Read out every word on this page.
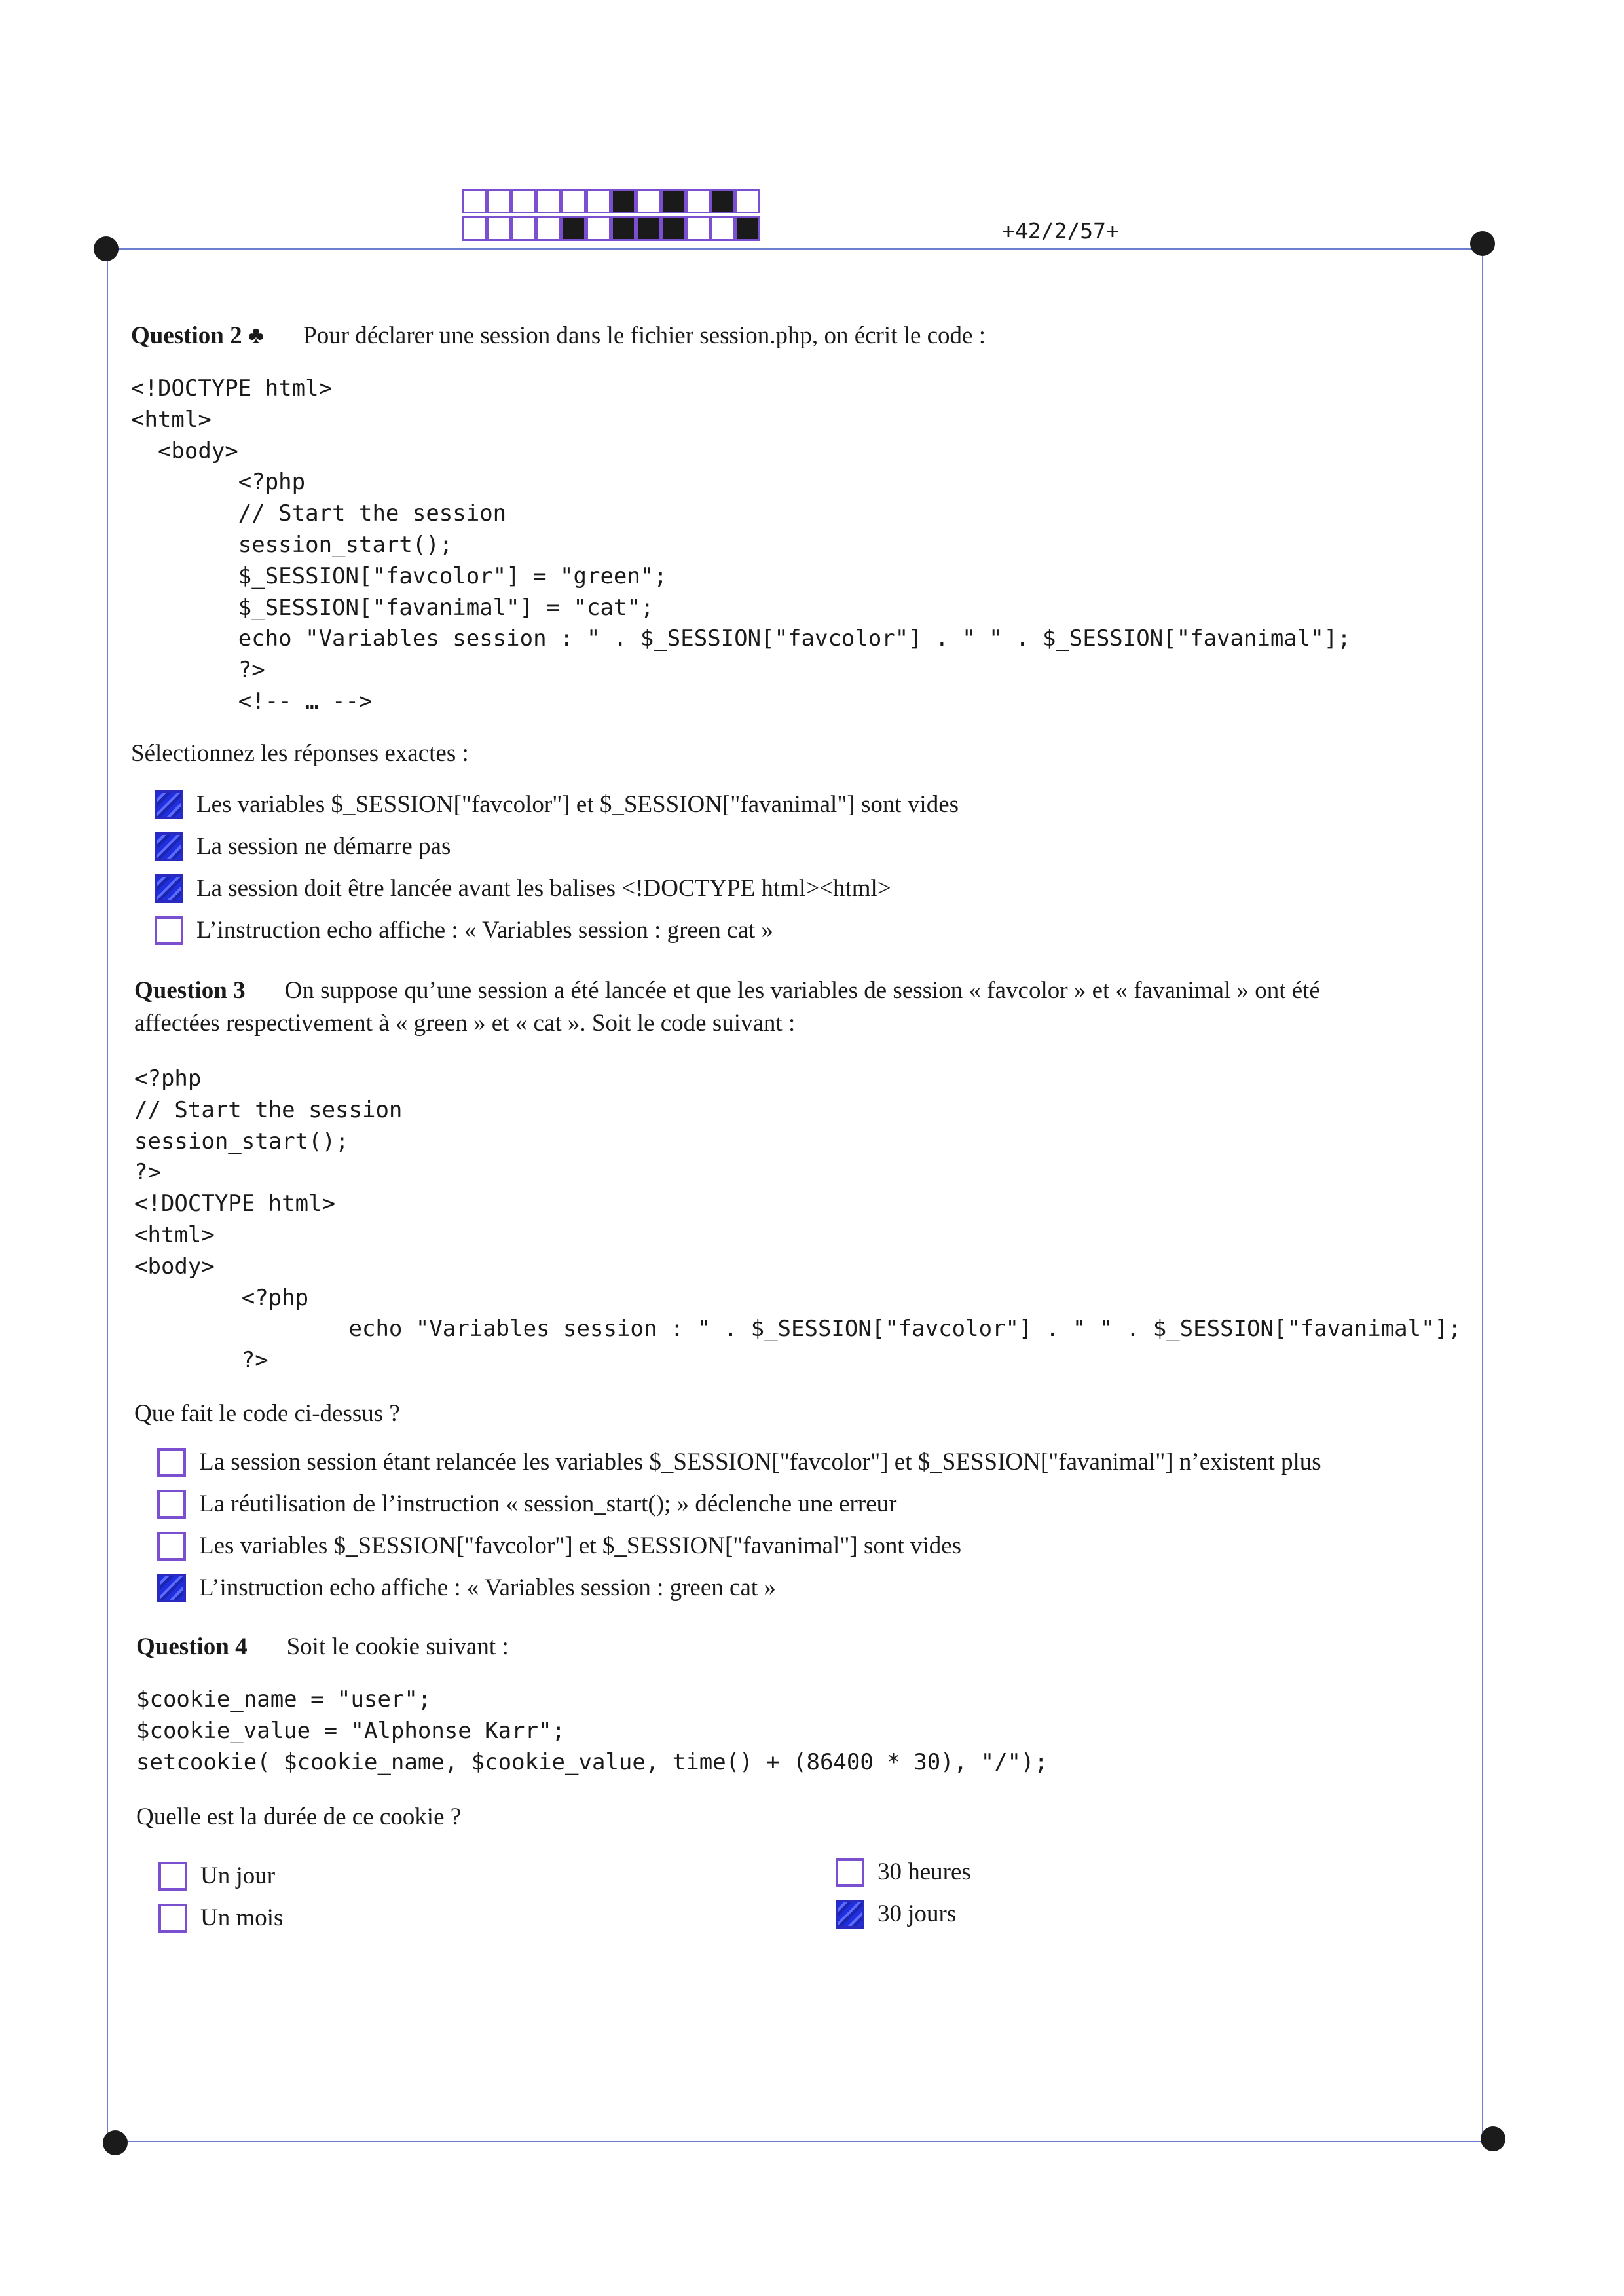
+42/2/57+
Question 2 ♣ Pour déclarer une session dans le fichier session.php, on écrit le code :
<!DOCTYPE html>
<html>
<body>
<?php
// Start the session
session_start();
$_SESSION["favcolor"] = "green";
$_SESSION["favanimal"] = "cat";
echo "Variables session : " . $_SESSION["favcolor"] . " " . $_SESSION["favanimal"];
?>
<!-- … -->
Sélectionnez les réponses exactes :
Les variables $_SESSION["favcolor"] et $_SESSION["favanimal"] sont vides
La session ne démarre pas
La session doit être lancée avant les balises <!DOCTYPE html><html>
L’instruction echo affiche : « Variables session : green cat »
Question 3 On suppose qu’une session a été lancée et que les variables de session « favcolor » et « favanimal » ont été
affectées respectivement à « green » et « cat ». Soit le code suivant :
<?php
// Start the session
session_start();
?>
<!DOCTYPE html>
<html>
<body>
<?php
echo "Variables session : " . $_SESSION["favcolor"] . " " . $_SESSION["favanimal"];
?>
Que fait le code ci-dessus ?
La session session étant relancée les variables $_SESSION["favcolor"] et $_SESSION["favanimal"] n’existent plus
La réutilisation de l’instruction « session_start(); » déclenche une erreur
Les variables $_SESSION["favcolor"] et $_SESSION["favanimal"] sont vides
L’instruction echo affiche : « Variables session : green cat »
Question 4 Soit le cookie suivant :
$cookie_name = "user";
$cookie_value = "Alphonse Karr";
setcookie( $cookie_name, $cookie_value, time() + (86400 * 30), "/");
Quelle est la durée de ce cookie ?
Un jour
Un mois
30 heures
30 jours
